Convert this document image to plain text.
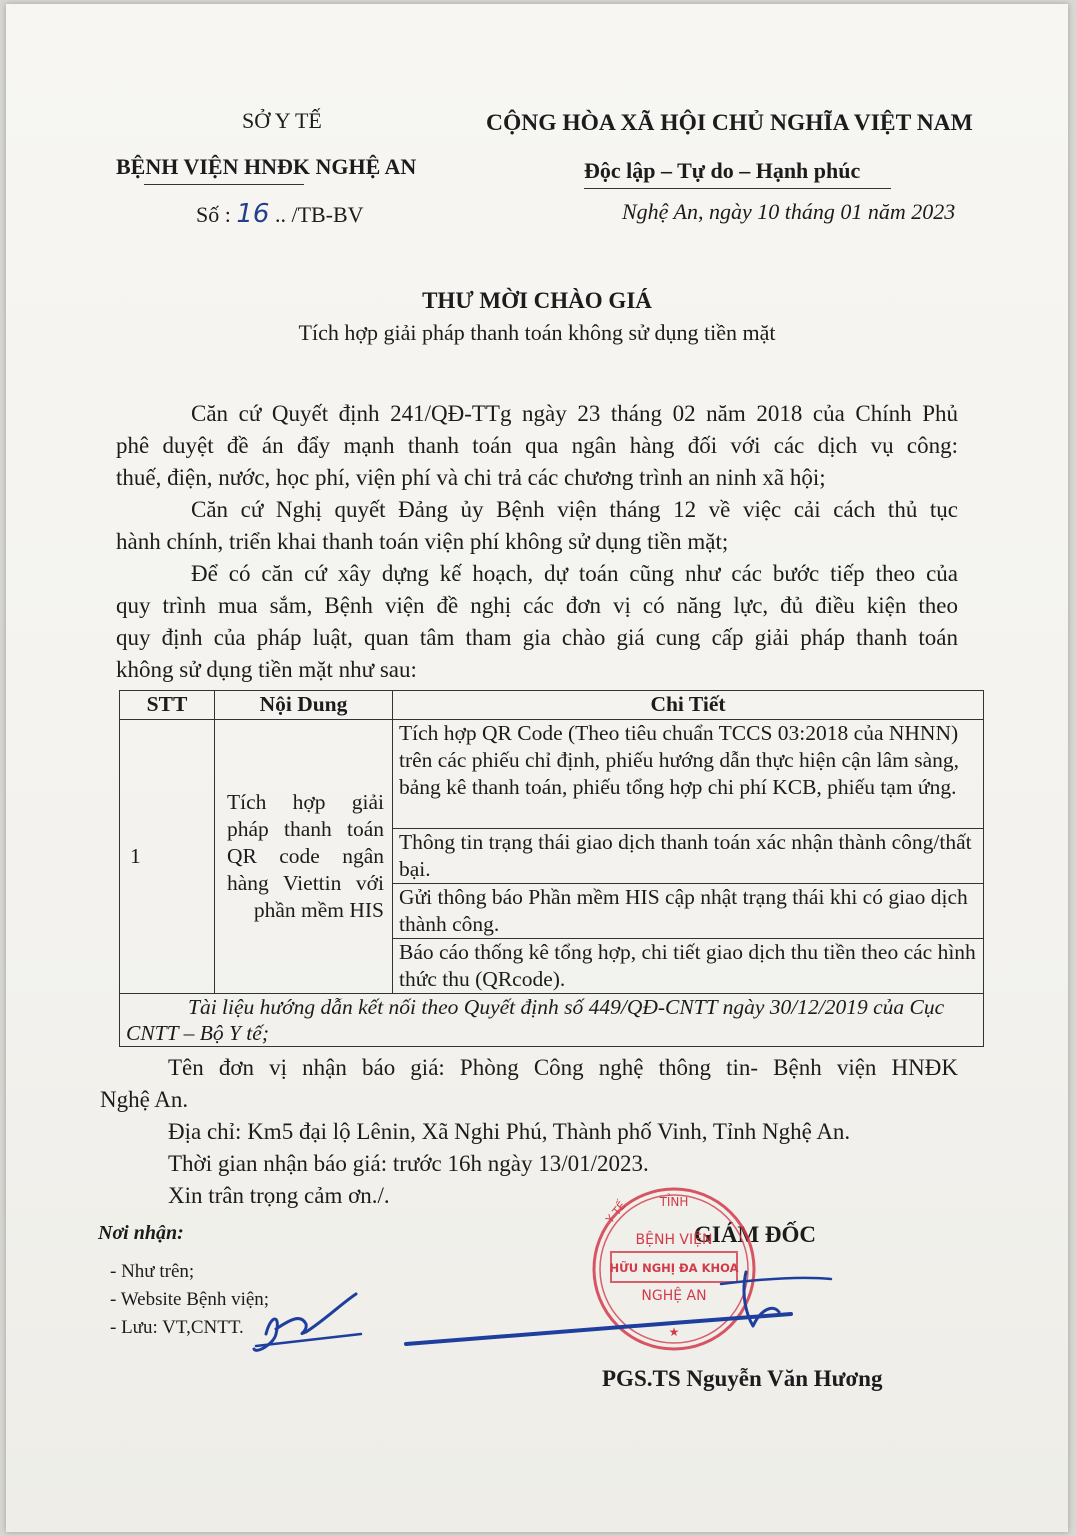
SỞ Y TẾ
BỆNH VIỆN HNĐK NGHỆ AN
Số : 16 .. /TB-BV
CỘNG HÒA XÃ HỘI CHỦ NGHĨA VIỆT NAM
Độc lập – Tự do – Hạnh phúc
Nghệ An, ngày 10 tháng 01 năm 2023
THƯ MỜI CHÀO GIÁ
Tích hợp giải pháp thanh toán không sử dụng tiền mặt
Căn cứ Quyết định 241/QĐ-TTg ngày 23 tháng 02 năm 2018 của Chính Phủ
phê duyệt đề án đẩy mạnh thanh toán qua ngân hàng đối với các dịch vụ công:
thuế, điện, nước, học phí, viện phí và chi trả các chương trình an ninh xã hội;
Căn cứ Nghị quyết Đảng ủy Bệnh viện tháng 12 về việc cải cách thủ tục
hành chính, triển khai thanh toán viện phí không sử dụng tiền mặt;
Để có căn cứ xây dựng kế hoạch, dự toán cũng như các bước tiếp theo của
quy trình mua sắm, Bệnh viện đề nghị các đơn vị có năng lực, đủ điều kiện theo
quy định của pháp luật, quan tâm tham gia chào giá cung cấp giải pháp thanh toán
không sử dụng tiền mặt như sau:
STT	Nội Dung	Chi Tiết
1	Tích hợp giải pháp thanh toán QR code ngân hàng Viettin với phần mềm HIS	Tích hợp QR Code (Theo tiêu chuẩn TCCS 03:2018 của NHNN) trên các phiếu chỉ định, phiếu hướng dẫn thực hiện cận lâm sàng, bảng kê thanh toán, phiếu tổng hợp chi phí KCB, phiếu tạm ứng.
		Thông tin trạng thái giao dịch thanh toán xác nhận thành công/thất bại.
		Gửi thông báo Phần mềm HIS cập nhật trạng thái khi có giao dịch thành công.
		Báo cáo thống kê tổng hợp, chi tiết giao dịch thu tiền theo các hình thức thu (QRcode).
Tài liệu hướng dẫn kết nối theo Quyết định số 449/QĐ-CNTT ngày 30/12/2019 của Cục CNTT – Bộ Y tế;		
Tên đơn vị nhận báo giá: Phòng Công nghệ thông tin- Bệnh viện HNĐK
Nghệ An.
Địa chỉ: Km5 đại lộ Lênin, Xã Nghi Phú, Thành phố Vinh, Tỉnh Nghệ An.
Thời gian nhận báo giá: trước 16h ngày 13/01/2023.
Xin trân trọng cảm ơn./.
Nơi nhận:
- Như trên;
- Website Bệnh viện;
- Lưu: VT,CNTT.
GIÁM ĐỐC
PGS.TS Nguyễn Văn Hương
TỈNH
Y TẾ
BỆNH VIỆN
HỮU NGHỊ ĐA KHOA
NGHỆ AN
★
